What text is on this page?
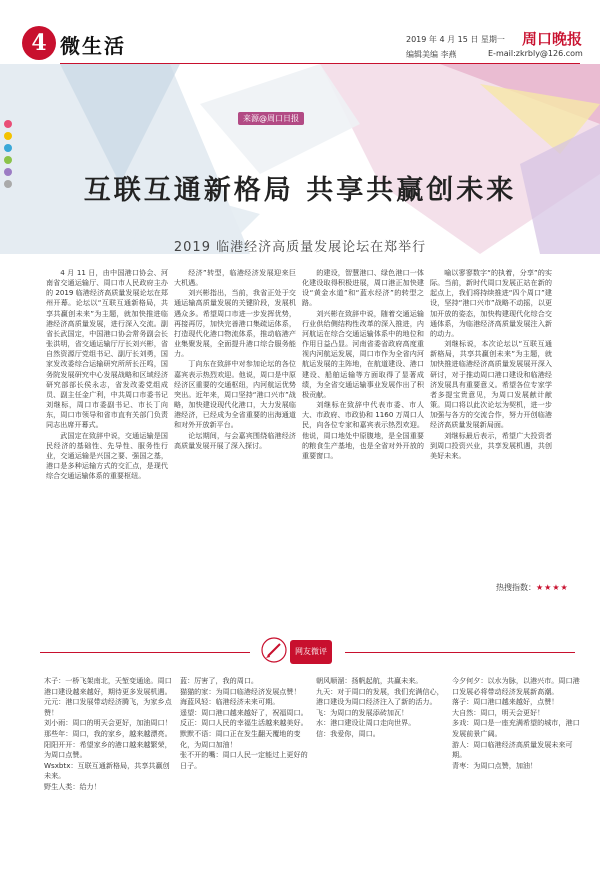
4 微生活	2019 年 4 月 15 日 星期一 周口晚报
编辑美编 李燕	E-mail:zkrbly@126.com
来源@周口日报
互联互通新格局 共享共赢创未来
2019 临港经济高质量发展论坛在郑举行

4 月 11 日，由中国港口协会、河南省交通运输厅、周口市人民政府主办的 2019 临港经济高质量发展论坛在郑州开幕。论坛以“互联互通新格局，共享共赢创未来”为主题，就加快推进临港经济高质量发展，进行深入交流。副省长武国定，中国港口协会常务副会长张洪明，省交通运输厅厅长刘兴彬，省自然资源厅党组书记、副厅长刘勇，国家发改委综合运输研究所所长汪鸣，国务院发展研究中心发展战略和区域经济研究部部长侯永志，省发改委党组成员、副主任金广利，中共周口市委书记刘继标，周口市委副书记、市长丁向东，周口市领导和省市直有关部门负责同志出席开幕式。

武国定在致辞中说，交通运输是国民经济的基础性、先导性、服务性行业，交通运输是兴国之要、强国之基，港口是多种运输方式的交汇点，是现代综合交通运输体系的重要枢纽。

经济”转型，临港经济发展迎来巨大机遇。

刘兴彬指出，当前，我省正处于交通运输高质量发展的关键阶段，发展机遇众多。希望周口市进一步发挥优势，再接再厉，加快完善港口集疏运体系，打造现代化港口物流体系，推动临港产业集聚发展，全面提升港口综合服务能力。

丁向东在致辞中对参加论坛的各位嘉宾表示热烈欢迎。他说，周口是中原经济区重要的交通枢纽，内河航运优势突出。近年来，周口坚持“港口兴市”战略，加快建设现代化港口，大力发展临港经济，已经成为全省重要的出海通道和对外开放新平台。

论坛期间，与会嘉宾围绕临港经济高质量发展开展了深入探讨。

的建设，智慧港口、绿色港口一体化建设取得积极进展，周口港正加快建设“黄金水道”和“蓝水经济”的转型之路。

刘兴彬在致辞中说，随着交通运输行业供给侧结构性改革的深入推进，内河航运在综合交通运输体系中的地位和作用日益凸显。河南省委省政府高度重视内河航运发展，周口市作为全省内河航运发展的主阵地，在航道建设、港口建设、船舶运输等方面取得了显著成绩，为全省交通运输事业发展作出了积极贡献。

刘继标在致辞中代表市委、市人大、市政府、市政协和 1160 万周口人民，向各位专家和嘉宾表示热烈欢迎。他说，周口地处中原腹地，是全国重要的粮食生产基地，也是全省对外开放的重要窗口。

喻以寥寥数字“的执着，分享”的实际。当前，新时代周口发展正站在新的起点上，我们将持续推进“四个周口”建设，坚持“港口兴市”战略不动摇，以更加开放的姿态，加快构建现代化综合交通体系，为临港经济高质量发展注入新的动力。

刘继标说，本次论坛以“互联互通新格局，共享共赢创未来”为主题，就加快推进临港经济高质量发展展开深入研讨，对于推动周口港口建设和临港经济发展具有重要意义。希望各位专家学者多提宝贵意见，为周口发展献计献策。周口将以此次论坛为契机，进一步加强与各方的交流合作，努力开创临港经济高质量发展新局面。

刘继标最后表示，希望广大投资者到周口投资兴业，共享发展机遇，共创美好未来。

热搜指数：★★★★
网友微评

木子：一桥飞架南北，天堑变通途。周口港口建设越来越好，期待更多发展机遇。

元元：港口发展带动经济腾飞，为家乡点赞！

刘小雨：周口的明天会更好，加油周口！

那些年：周口，我的家乡，越来越漂亮。

阳阳开开：希望家乡的港口越来越繁荣，为周口点赞。

Wsxbtx：互联互通新格局，共享共赢创未来。

野生人类：给力！

蓝：厉害了，我的周口。

猫猫的家：为周口临港经济发展点赞！

海蓝风轻：临港经济未来可期。

遥望：周口港口越来越好了，祝福周口。

反正：周口人民的幸福生活越来越美好。

默默不语：周口正在发生翻天覆地的变化，为周口加油！

张不开的嘴：周口人民一定能过上更好的日子。

朝风顺溜：扬帆起航，共赢未来。

九天：对于周口的发展，我们充满信心，港口建设为周口经济注入了新的活力。

飞：为周口的发展添砖加瓦！

水：港口建设让周口走向世界。

信：我爱你，周口。

今夕何夕：以水为脉，以港兴市。周口港口发展必将带动经济发展新高潮。

落子：周口港口越来越好，点赞！

大自然：周口，明天会更好！

多戏：周口是一座充满希望的城市，港口发展前景广阔。

游人：周口临港经济高质量发展未来可期。

青枣：为周口点赞，加油！
